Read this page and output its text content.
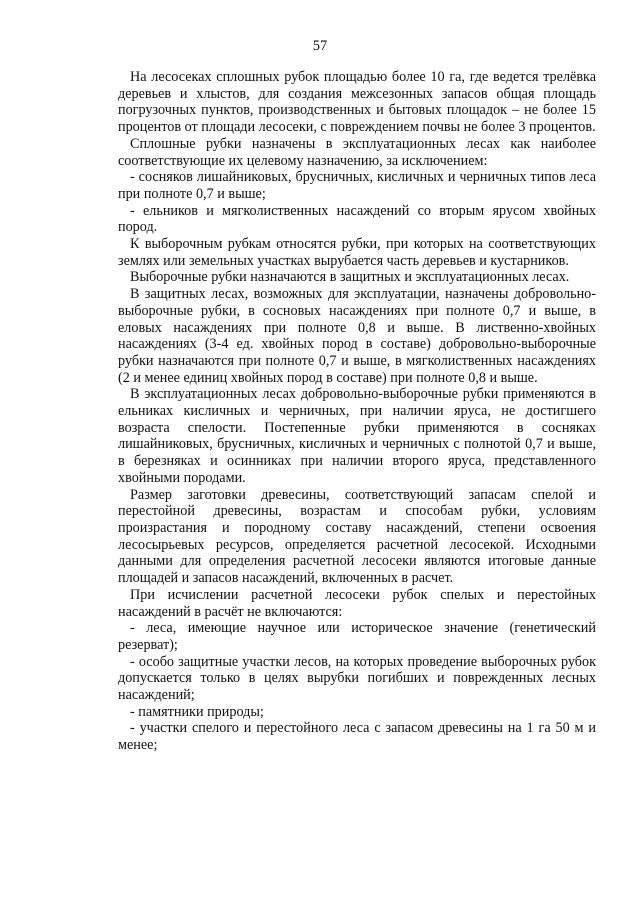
57

На лесосеках сплошных рубок площадью более 10 га, где ведется трелёвка деревьев и хлыстов, для создания межсезонных запасов общая площадь погрузочных пунктов, производственных и бытовых площадок – не более 15 процентов от площади лесосеки, с повреждением почвы не более 3 процентов.

Сплошные рубки назначены в эксплуатационных лесах как наиболее соответствующие их целевому назначению, за исключением:

- сосняков лишайниковых, брусничных, кисличных и черничных типов леса при полноте 0,7 и выше;

- ельников и мягколиственных насаждений со вторым ярусом хвойных пород.

К выборочным рубкам относятся рубки, при которых на соответствующих землях или земельных участках вырубается часть деревьев и кустарников.

Выборочные рубки назначаются в защитных и эксплуатационных лесах.

В защитных лесах, возможных для эксплуатации, назначены добровольно-выборочные рубки, в сосновых насаждениях при полноте 0,7 и выше, в еловых насаждениях при полноте 0,8 и выше. В лиственно-хвойных насаждениях (3-4 ед. хвойных пород в составе) добровольно-выборочные рубки назначаются при полноте 0,7 и выше, в мягколиственных насаждениях (2 и менее единиц хвойных пород в составе) при полноте 0,8 и выше.

В эксплуатационных лесах добровольно-выборочные рубки применяются в ельниках кисличных и черничных, при наличии яруса, не достигшего возраста спелости. Постепенные рубки применяются в сосняках лишайниковых, брусничных, кисличных и черничных с полнотой 0,7 и выше, в березняках и осинниках при наличии второго яруса, представленного хвойными породами.

Размер заготовки древесины, соответствующий запасам спелой и перестойной древесины, возрастам и способам рубки, условиям произрастания и породному составу насаждений, степени освоения лесосырьевых ресурсов, определяется расчетной лесосекой. Исходными данными для определения расчетной лесосеки являются итоговые данные площадей и запасов насаждений, включенных в расчет.

При исчислении расчетной лесосеки рубок спелых и перестойных насаждений в расчёт не включаются:

- леса, имеющие научное или историческое значение (генетический резерват);

- особо защитные участки лесов, на которых проведение выборочных рубок допускается только в целях вырубки погибших и поврежденных лесных насаждений;

- памятники природы;

- участки спелого и перестойного леса с запасом древесины на 1 га 50 м и менее;
